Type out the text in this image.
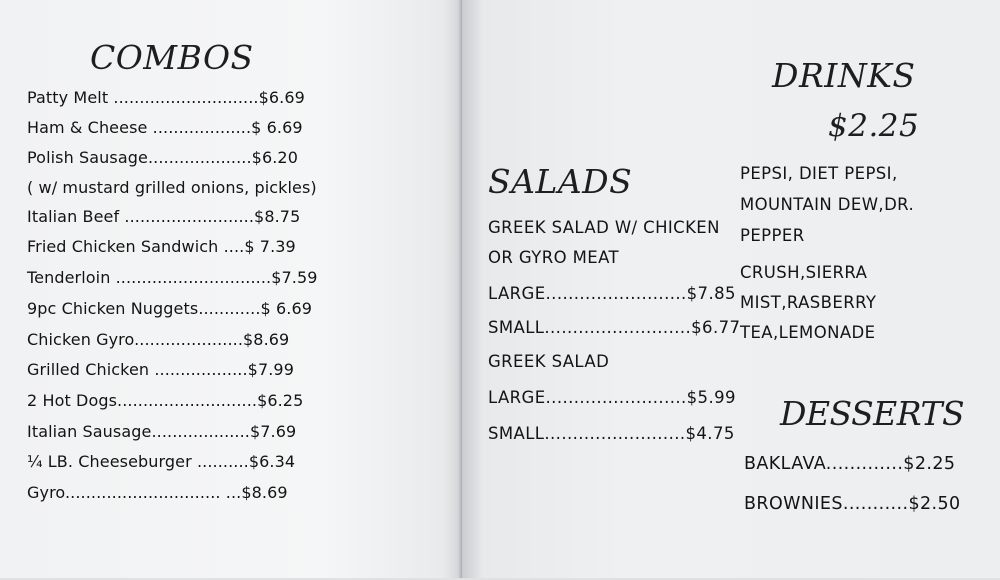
COMBOS

Patty Melt ............................$6.69

Ham & Cheese ...................$ 6.69

Polish Sausage....................$6.20

( w/ mustard grilled onions, pickles)

Italian Beef .........................$8.75

Fried Chicken Sandwich ....$ 7.39

Tenderloin ..............................$7.59

9pc Chicken Nuggets............$ 6.69

Chicken Gyro.....................$8.69

Grilled Chicken ..................$7.99

2 Hot Dogs...........................$6.25

Italian Sausage...................$7.69

¼ LB. Cheeseburger ..........$6.34

Gyro.............................. ...$8.69

SALADS

GREEK SALAD W/ CHICKEN

OR GYRO MEAT

LARGE.........................$7.85

SMALL..........................$6.77

GREEK SALAD

LARGE.........................$5.99

SMALL.........................$4.75

DRINKS
$2.25

PEPSI, DIET PEPSI,

MOUNTAIN DEW,DR.

PEPPER

CRUSH,SIERRA

MIST,RASBERRY

TEA,LEMONADE

DESSERTS

BAKLAVA.............$2.25

BROWNIES...........$2.50
